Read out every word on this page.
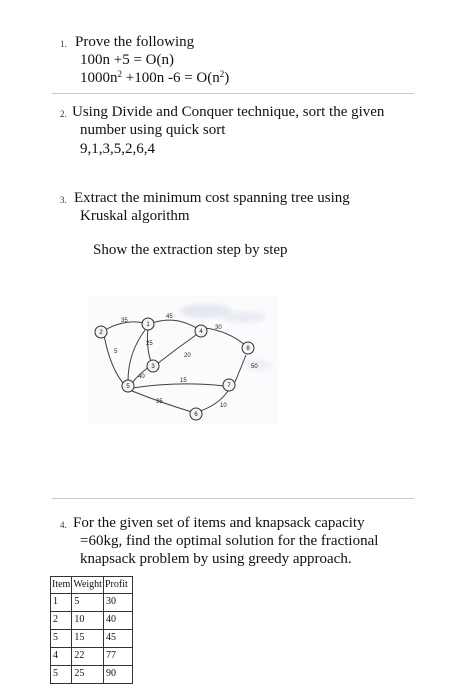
1. Prove the following
100n +5 = O(n)
$1000n^2 +100n$ $-6 = O(n^2)$
2. Using Divide and Conquer technique, sort the given
number using quick sort
9,1,3,5,2,6,4
3. Extract the minimum cost spanning tree using
Kruskal algorithm
Show the extraction step by step
2
1
4
8
3
5	7
6
35
45
30
25
20
5
40
50
15
35
10
4. For the given set of items and knapsack capacity
=60kg, find the optimal solution for the fractional
knapsack problem by using greedy approach.
Item	Weight	Profit
1	5	30
2	10	40
5	15	45
4	22	77
5	25	90
